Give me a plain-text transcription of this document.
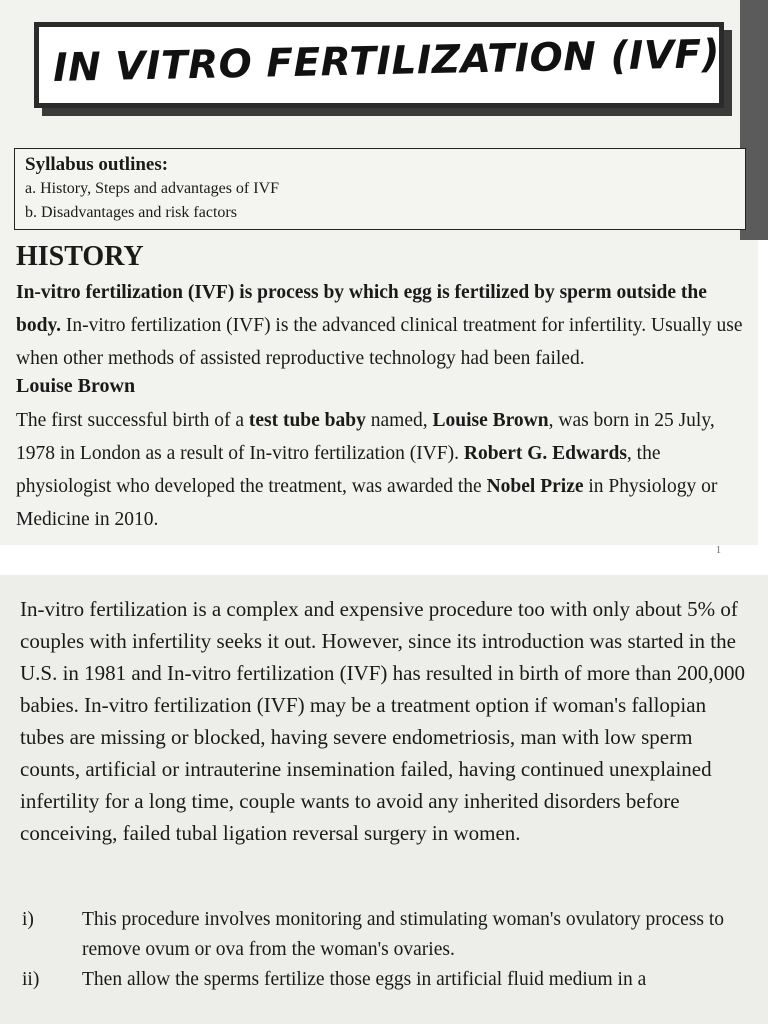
IN VITRO FERTILIZATION (IVF)
Syllabus outlines:
a. History, Steps and advantages of IVF
b. Disadvantages and risk factors
HISTORY
In-vitro fertilization (IVF) is process by which egg is fertilized by sperm outside the body. In-vitro fertilization (IVF) is the advanced clinical treatment for infertility. Usually use when other methods of assisted reproductive technology had been failed.
Louise Brown
The first successful birth of a test tube baby named, Louise Brown, was born in 25 July, 1978 in London as a result of In-vitro fertilization (IVF). Robert G. Edwards, the physiologist who developed the treatment, was awarded the Nobel Prize in Physiology or Medicine in 2010.
1
In-vitro fertilization is a complex and expensive procedure too with only about 5% of couples with infertility seeks it out. However, since its introduction was started in the U.S. in 1981 and In-vitro fertilization (IVF) has resulted in birth of more than 200,000 babies. In-vitro fertilization (IVF) may be a treatment option if woman's fallopian tubes are missing or blocked, having severe endometriosis, man with low sperm counts, artificial or intrauterine insemination failed, having continued unexplained infertility for a long time, couple wants to avoid any inherited disorders before conceiving, failed tubal ligation reversal surgery in women.
i)	This procedure involves monitoring and stimulating woman's ovulatory process to remove ovum or ova from the woman's ovaries.
ii)	Then allow the sperms fertilize those eggs in artificial fluid medium in a
